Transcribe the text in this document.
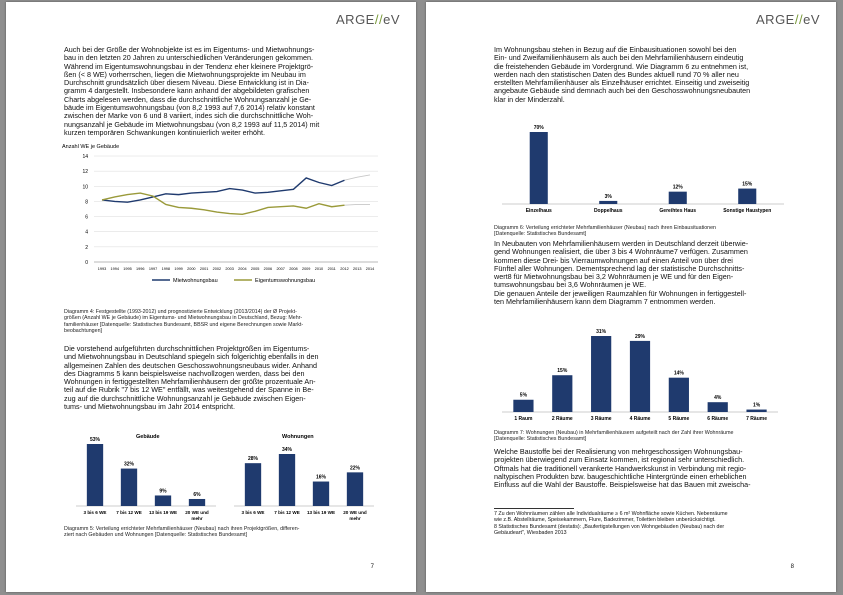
ARGE//eV
Auch bei der Größe der Wohnobjekte ist es im Eigentums- und Mietwohnungs-
bau in den letzten 20 Jahren zu unterschiedlichen Veränderungen gekommen.
Während im Eigentumswohnungsbau in der Tendenz eher kleinere Projektgrö-
ßen (< 8 WE) vorherrschen, liegen die Mietwohnungsprojekte im Neubau im
Durchschnitt grundsätzlich über diesem Niveau. Diese Entwicklung ist in Dia-
gramm 4 dargestellt. Insbesondere kann anhand der abgebildeten grafischen
Charts abgelesen werden, dass die durchschnittliche Wohnungsanzahl je Ge-
bäude im Eigentumswohnungsbau (von 8,2 1993 auf 7,6 2014) relativ konstant
zwischen der Marke von 6 und 8 variiert, indes sich die durchschnittliche Woh-
nungsanzahl je Gebäude im Mietwohnungsbau (von 8,2 1993 auf 11,5 2014) mit
kurzen temporären Schwankungen kontinuierlich weiter erhöht.
Anzahl WE je Gebäude
0
2
4
6
8
10
12
14
1993 1994 1995 1996 1997 1998 1999 2000 2001 2002 2003 2004 2005 2006 2007 2008 2009 2010 2011 2012 2013 2014
Mietwohnungsbau	Eigentumswohnungsbau
Diagramm 4: Festgestellte (1993-2012) und prognostizierte Entwicklung (2013/2014) der Ø Projekt-
größen (Anzahl WE je Gebäude) im Eigentums- und Mietwohnungsbau in Deutschland, Bezug: Mehr-
familienhäuser [Datenquelle: Statistisches Bundesamt, BBSR und eigene Berechnungen sowie Markt-
beobachtungen]
Die vorstehend aufgeführten durchschnittlichen Projektgrößen im Eigentums-
und Mietwohnungsbau in Deutschland spiegeln sich folgerichtig ebenfalls in den
allgemeinen Zahlen des deutschen Geschosswohnungsneubaus wider. Anhand
des Diagramms 5 kann beispielsweise nachvollzogen werden, dass bei den
Wohnungen in fertiggestellten Mehrfamilienhäusern der größte prozentuale An-
teil auf die Rubrik "7 bis 12 WE" entfällt, was weitestgehend der Spanne in Be-
zug auf die durchschnittliche Wohnungsanzahl je Gebäude zwischen Eigen-
tums- und Mietwohnungsbau im Jahr 2014 entspricht.
Gebäude
53%
3 bis 6 WE
32%
7 bis 12 WE
9%
13 bis 19 WE
6%
20 WE und
mehr
Wohnungen
28%
3 bis 6 WE
34%
7 bis 12 WE
16%
13 bis 19 WE
22%
20 WE und
mehr
Diagramm 5: Verteilung errichteter Mehrfamilienhäuser (Neubau) nach ihren Projektgrößen, differen-
ziert nach Gebäuden und Wohnungen [Datenquelle: Statistisches Bundesamt]
7
ARGE//eV
Im Wohnungsbau stehen in Bezug auf die Einbausituationen sowohl bei den
Ein- und Zweifamilienhäusern als auch bei den Mehrfamilienhäusern eindeutig
die freistehenden Gebäude im Vordergrund. Wie Diagramm 6 zu entnehmen ist,
werden nach den statistischen Daten des Bundes aktuell rund 70 % aller neu
erstellten Mehrfamilienhäuser als Einzelhäuser errichtet. Einseitig und zweiseitig
angebaute Gebäude sind demnach auch bei den Geschosswohnungsneubauten
klar in der Minderzahl.
70%
Einzelhaus
3%
Doppelhaus
12%
Gereihtes Haus
15%
Sonstige Haustypen
Diagramm 6: Verteilung errichteter Mehrfamilienhäuser (Neubau) nach ihren Einbausituationen
[Datenquelle: Statistisches Bundesamt]
In Neubauten von Mehrfamilienhäusern werden in Deutschland derzeit überwie-
gend Wohnungen realisiert, die über 3 bis 4 Wohnräume7 verfügen. Zusammen
kommen diese Drei- bis Vierraumwohnungen auf einen Anteil von über drei
Fünftel aller Wohnungen. Dementsprechend lag der statistische Durchschnitts-
wert8 für Mietwohnungsbau bei 3,2 Wohnräumen je WE und für den Eigen-
tumswohnungsbau bei 3,6 Wohnräumen je WE.
Die genauen Anteile der jeweiligen Raumzahlen für Wohnungen in fertiggestell-
ten Mehrfamilienhäusern kann dem Diagramm 7 entnommen werden.
5%
1 Raum
15%
2 Räume
31%
3 Räume
29%
4 Räume
14%
5 Räume
4%
6 Räume
1%
7 Räume
Diagramm 7: Wohnungen (Neubau) in Mehrfamilienhäusern aufgeteilt nach der Zahl ihrer Wohnräume
[Datenquelle: Statistisches Bundesamt]
Welche Baustoffe bei der Realisierung von mehrgeschossigen Wohnungsbau-
projekten überwiegend zum Einsatz kommen, ist regional sehr unterschiedlich.
Oftmals hat die traditionell verankerte Handwerkskunst in Verbindung mit regio-
naltypischen Produkten bzw. baugeschichtliche Hintergründe einen erheblichen
Einfluss auf die Wahl der Baustoffe. Beispielsweise hat das Bauen mit zweischa-
7 Zu den Wohnräumen zählen alle Individualräume ≥ 6 m² Wohnfläche sowie Küchen. Nebenräume
wie z.B. Abstellräume, Speisekammern, Flure, Badezimmer, Toiletten bleiben unberücksichtigt.
8 Statistisches Bundesamt (destatis): „Baufertigstellungen von Wohngebäuden (Neubau) nach der
Gebäudeart", Wiesbaden 2013
8
